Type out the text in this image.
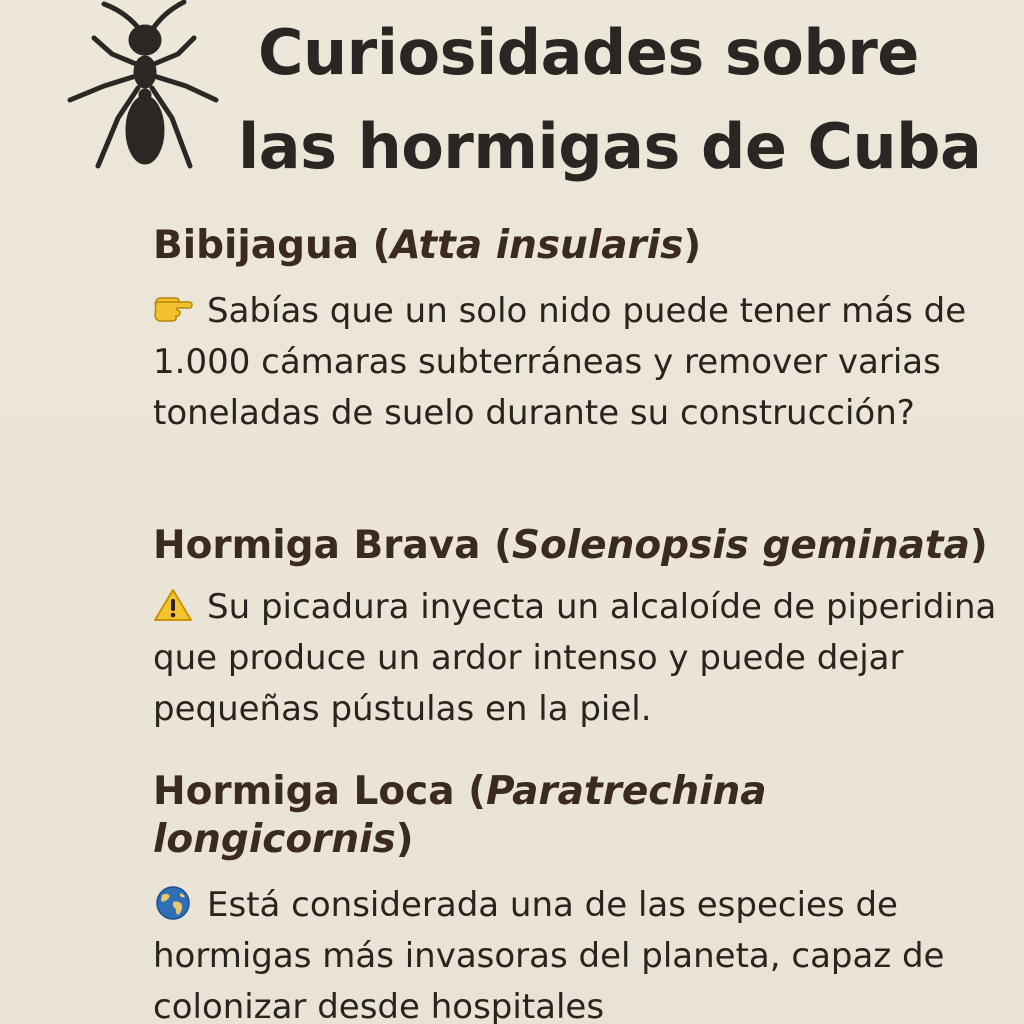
Curiosidades sobre
las hormigas de Cuba
Bibijagua (Atta insularis)

Sabías que un solo nido puede tener más de 1.000 cámaras subterráneas y remover varias toneladas de suelo durante su construcción?

Hormiga Brava (Solenopsis geminata)

Su picadura inyecta un alcaloíde de piperidina que produce un ardor intenso y puede dejar pequeñas pústulas en la piel.

Hormiga Loca (Paratrechina longicornis)

Está considerada una de las especies de hormigas más invasoras del planeta, capaz de colonizar desde hospitales
